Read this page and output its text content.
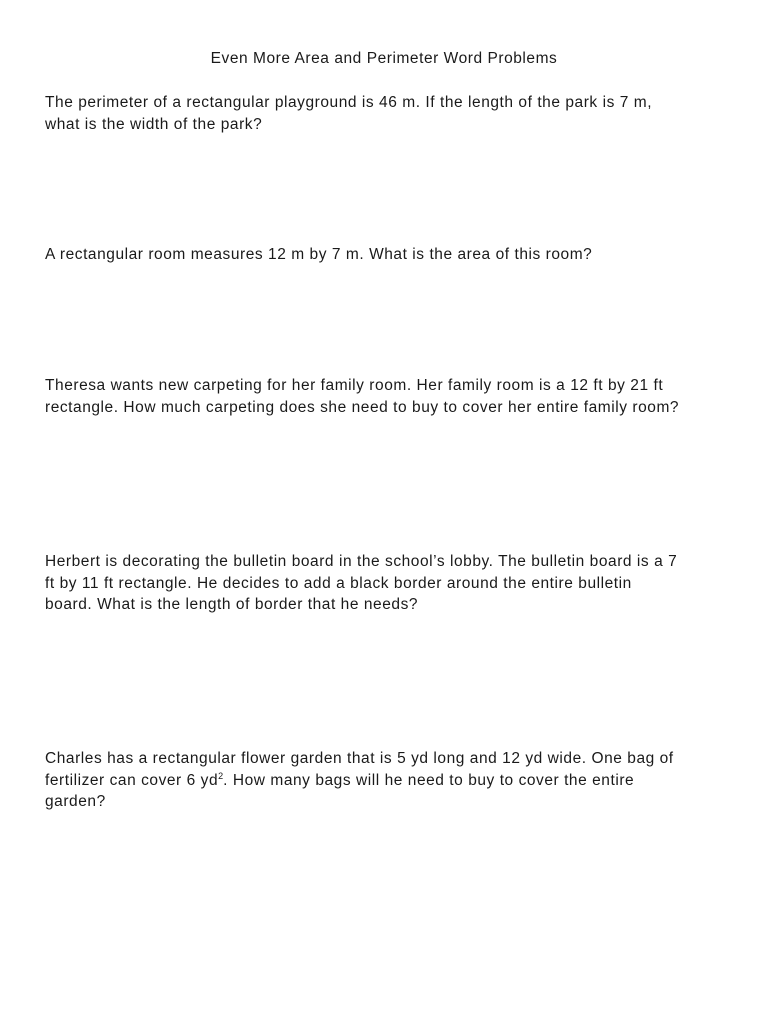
Even More Area and Perimeter Word Problems

The perimeter of a rectangular playground is 46 m. If the length of the park is 7 m,
what is the width of the park?

A rectangular room measures 12 m by 7 m. What is the area of this room?

Theresa wants new carpeting for her family room. Her family room is a 12 ft by 21 ft
rectangle. How much carpeting does she need to buy to cover her entire family room?

Herbert is decorating the bulletin board in the school’s lobby. The bulletin board is a 7
ft by 11 ft rectangle. He decides to add a black border around the entire bulletin
board. What is the length of border that he needs?

Charles has a rectangular flower garden that is 5 yd long and 12 yd wide. One bag of
fertilizer can cover 6 $yd^2$. How many bags will he need to buy to cover the entire
garden?
